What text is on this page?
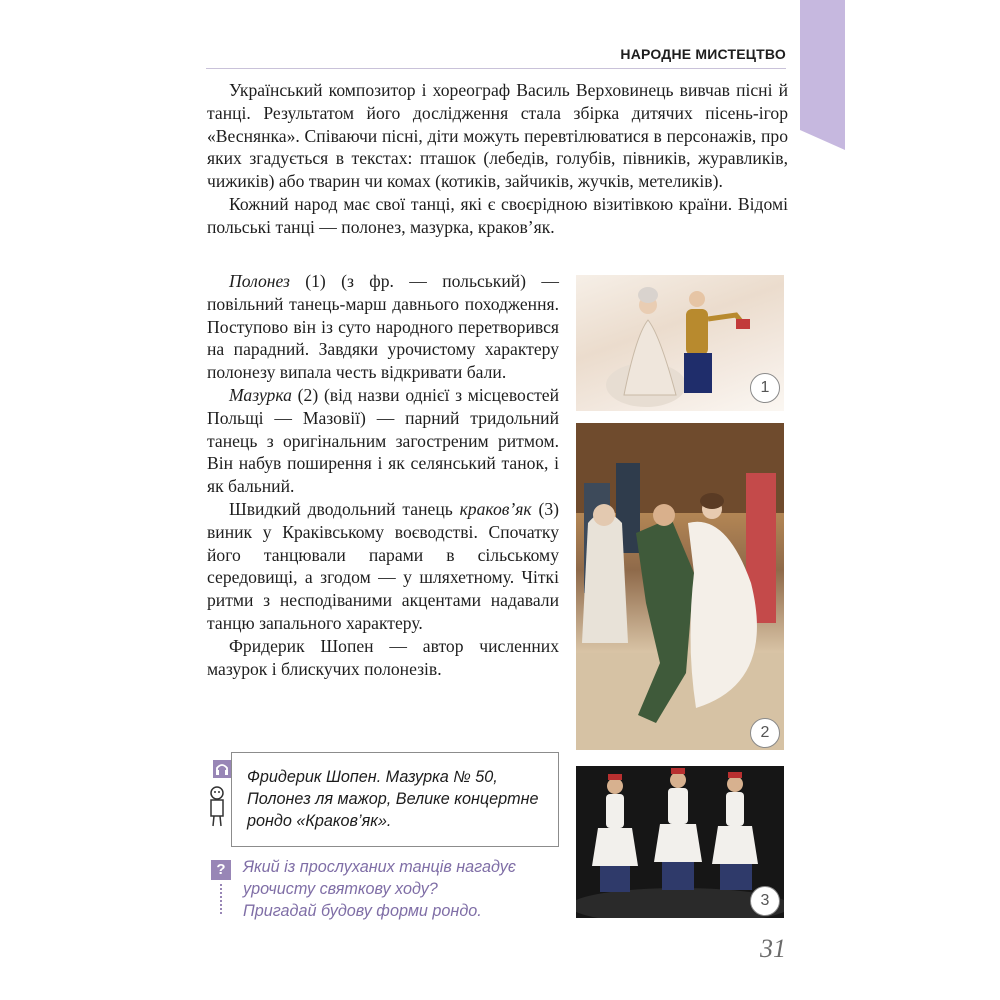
НАРОДНЕ МИСТЕЦТВО

Український композитор і хореограф Василь Верховинець вивчав пісні й танці. Результатом його дослідження стала збірка дитячих пісень-ігор «Веснянка». Співаючи пісні, діти можуть перевтілюватися в персонажів, про яких згадується в текстах: пташок (лебедів, голубів, півників, журавликів, чижиків) або тварин чи комах (котиків, зайчиків, жучків, метеликів).

Кожний народ має свої танці, які є своєрідною візитівкою країни. Відомі польські танці — полонез, мазурка, краков’як.

Полонез (1) (з фр. — польський) — повільний танець-марш давнього походження. Поступово він із суто народного перетворився на парадний. Завдяки урочистому характеру полонезу випала честь відкривати бали.

Мазурка (2) (від назви однієї з місцевостей Польщі — Мазовії) — парний тридольний танець з оригінальним загостреним ритмом. Він набув поширення і як селянський танок, і як бальний.

Швидкий дводольний танець краков’як (3) виник у Краківському воєводстві. Спочатку його танцювали парами в сільському середовищі, а згодом — у шляхетному. Чіткі ритми з несподіваними акцентами надавали танцю запального характеру.

Фридерик Шопен — автор численних мазурок і блискучих полонезів.

1
2
3
Фридерик Шопен. Мазурка № 50, Полонез ля мажор, Велике концертне рондо «Краков’як».
?	Який із прослуханих танців нагадує урочисту святкову ходу?
Пригадай будову форми рондо.
31
